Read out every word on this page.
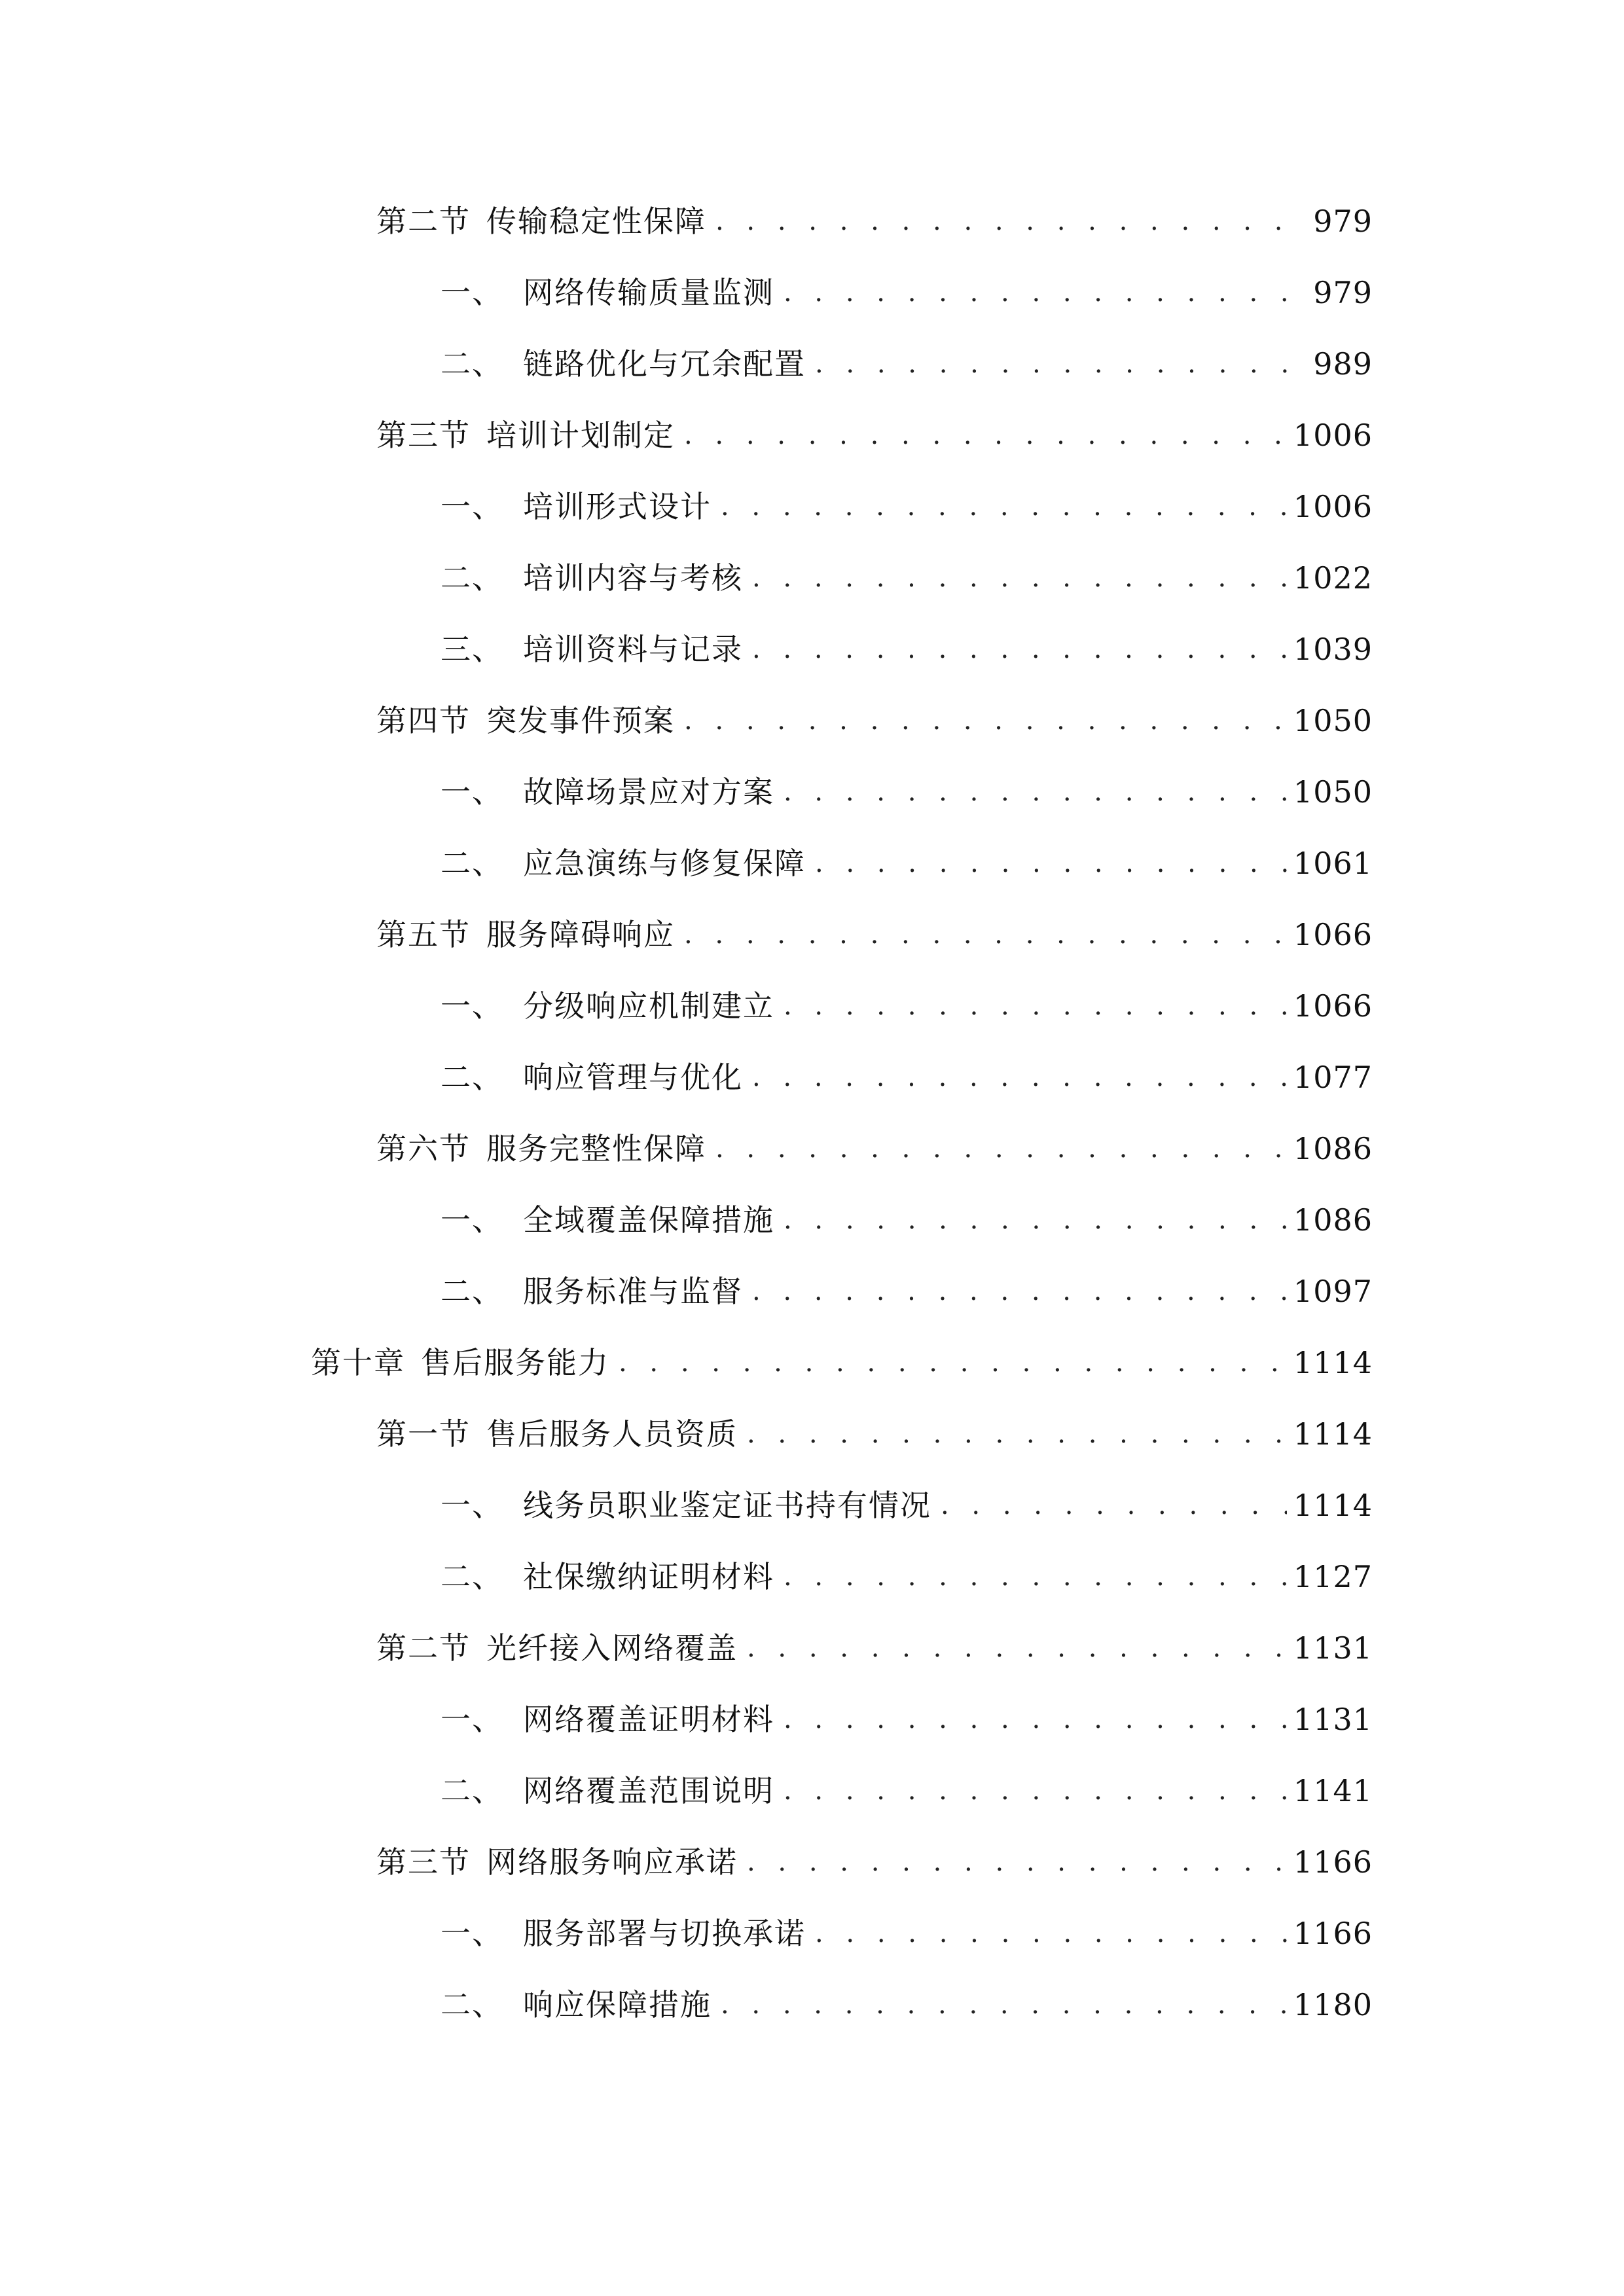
第二节 传输稳定性保障 . . .	979
一、 网络传输质量监测 . . .	979
二、 链路优化与冗余配置 . . .	989
第三节 培训计划制定 . . .	1006
一、 培训形式设计 . . .	1006
二、 培训内容与考核 . . .	1022
三、 培训资料与记录 . . .	1039
第四节 突发事件预案 . . .	1050
一、 故障场景应对方案 . . .	1050
二、 应急演练与修复保障 . . .	1061
第五节 服务障碍响应 . . .	1066
一、 分级响应机制建立 . . .	1066
二、 响应管理与优化 . . .	1077
第六节 服务完整性保障 . . .	1086
一、 全域覆盖保障措施 . . .	1086
二、 服务标准与监督 . . .	1097
第十章 售后服务能力 . . .	1114
第一节 售后服务人员资质 . . .	1114
一、 线务员职业鉴定证书持有情况 . . .	1114
二、 社保缴纳证明材料 . . .	1127
第二节 光纤接入网络覆盖 . . .	1131
一、 网络覆盖证明材料 . . .	1131
二、 网络覆盖范围说明 . . .	1141
第三节 网络服务响应承诺 . . .	1166
一、 服务部署与切换承诺 . . .	1166
二、 响应保障措施 . . .	1180
